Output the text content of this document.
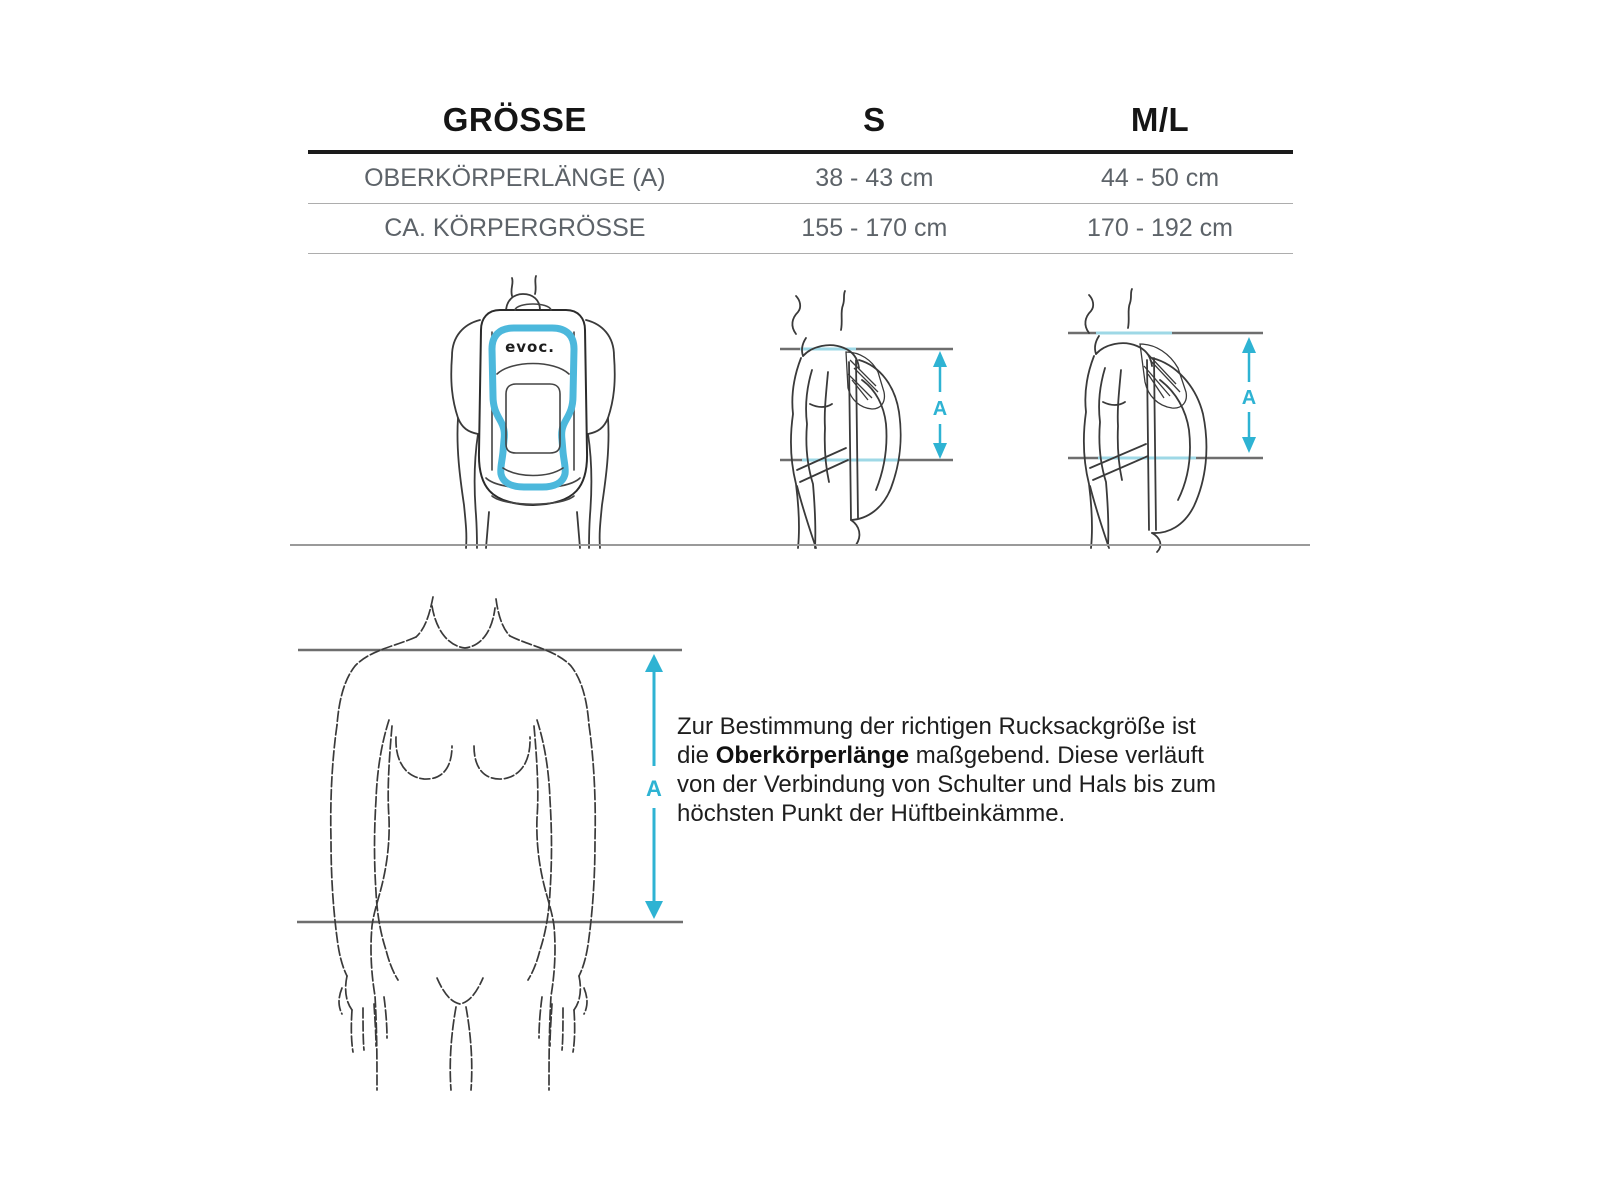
GRÖSSE	S	M/L
OBERKÖRPERLÄNGE (A)	38 - 43 cm	44 - 50 cm
CA. KÖRPERGRÖSSE	155 - 170 cm	170 - 192 cm
evoc.
A	A
A
Zur Bestimmung der richtigen Rucksackgröße ist
die Oberkörperlänge maßgebend. Diese verläuft
von der Verbindung von Schulter und Hals bis zum
höchsten Punkt der Hüftbeinkämme.
